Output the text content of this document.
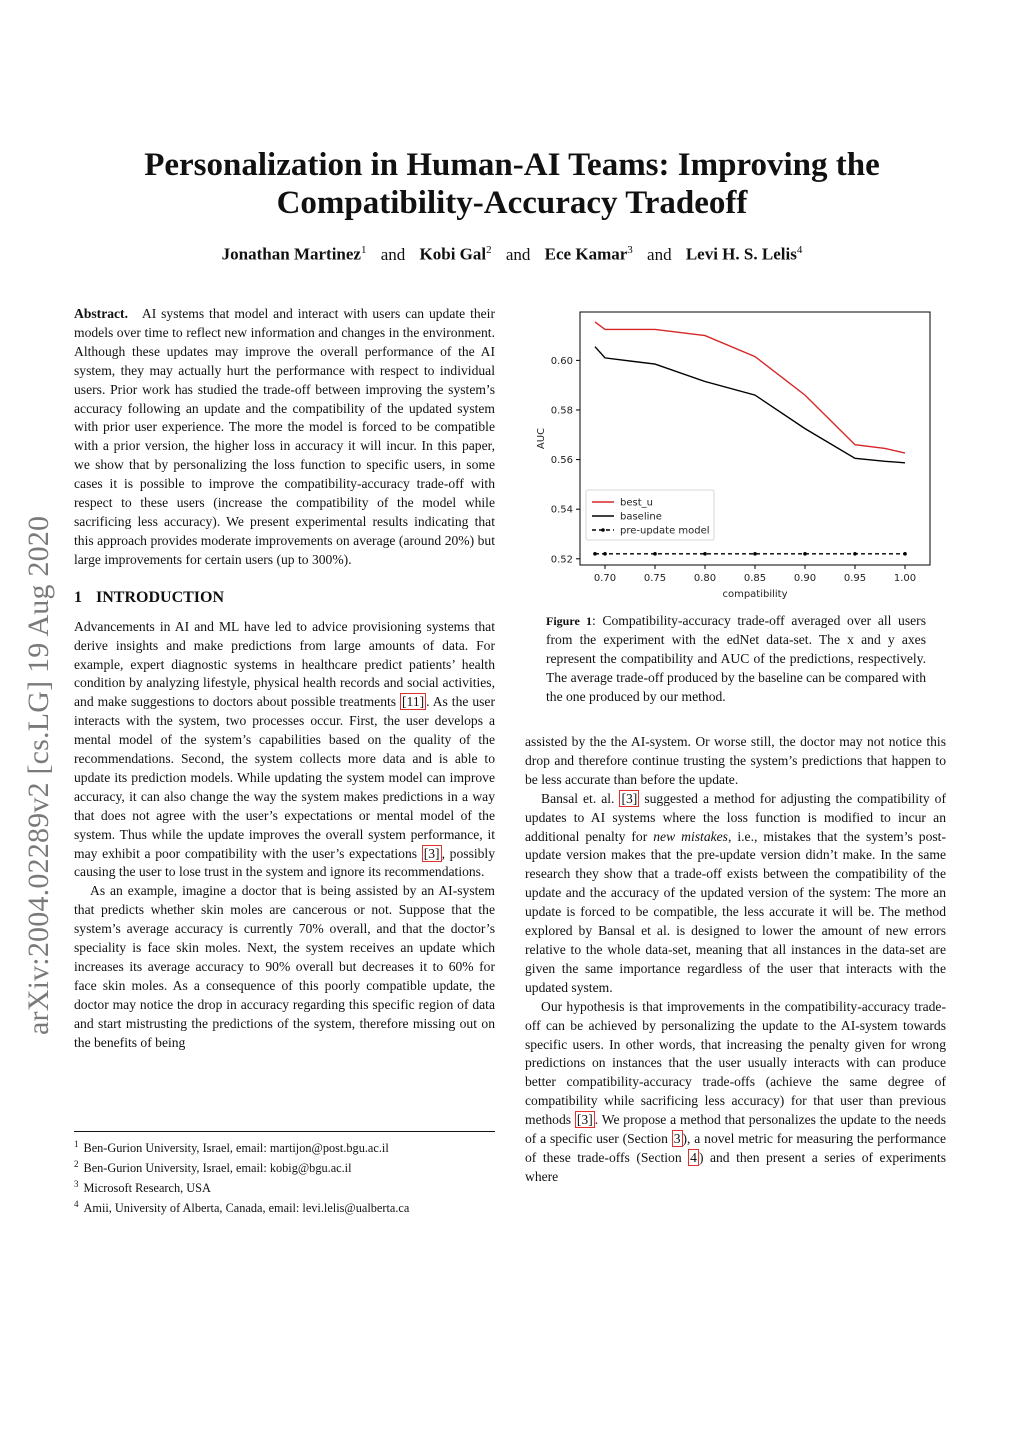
arXiv:2004.02289v2 [cs.LG] 19 Aug 2020
Personalization in Human-AI Teams: Improving the
Compatibility-Accuracy Tradeoff
Jonathan Martinez$^1$ and Kobi Gal$^2$ and Ece Kamar$^3$ and Levi H. S. Lelis$^4$

Abstract. AI systems that model and interact with users can update their models over time to reflect new information and changes in the environment. Although these updates may improve the overall performance of the AI system, they may actually hurt the performance with respect to individual users. Prior work has studied the trade-off between improving the system’s accuracy following an update and the compatibility of the updated system with prior user experience. The more the model is forced to be compatible with a prior version, the higher loss in accuracy it will incur. In this paper, we show that by personalizing the loss function to specific users, in some cases it is possible to improve the compatibility-accuracy trade-off with respect to these users (increase the compatibility of the model while sacrificing less accuracy). We present experimental results indicating that this approach provides moderate improvements on average (around 20%) but large improvements for certain users (up to 300%).

1 INTRODUCTION

Advancements in AI and ML have led to advice provisioning systems that derive insights and make predictions from large amounts of data. For example, expert diagnostic systems in healthcare predict patients’ health condition by analyzing lifestyle, physical health records and social activities, and make suggestions to doctors about possible treatments [11] . As the user interacts with the system, two processes occur. First, the user develops a mental model of the system’s capabilities based on the quality of the recommendations. Second, the system collects more data and is able to update its prediction models. While updating the system model can improve accuracy, it can also change the way the system makes predictions in a way that does not agree with the user’s expectations or mental model of the system. Thus while the update improves the overall system performance, it may exhibit a poor compatibility with the user’s expectations [3] , possibly causing the user to lose trust in the system and ignore its recommendations.

As an example, imagine a doctor that is being assisted by an AI-system that predicts whether skin moles are cancerous or not. Suppose that the system’s average accuracy is currently 70% overall, and that the doctor’s speciality is face skin moles. Next, the system receives an update which increases its average accuracy to 90% overall but decreases it to 60% for face skin moles. As a consequence of this poorly compatible update, the doctor may notice the drop in accuracy regarding this specific region of data and start mistrusting the predictions of the system, therefore missing out on the benefits of being

$^1$ Ben-Gurion University, Israel, email: martijon@post.bgu.ac.il
$^2$ Ben-Gurion University, Israel, email: kobig@bgu.ac.il
$^3$ Microsoft Research, USA
$^4$ Amii, University of Alberta, Canada, email: levi.lelis@ualberta.ca
0.70	0.75	0.80	0.85	0.90	0.95	1.00
0.52
0.54
0.56
0.58
0.60
compatibility
AUC
best_u
baseline
pre-update model
Figure 1: Compatibility-accuracy trade-off averaged over all users from the experiment with the edNet data-set. The x and y axes represent the compatibility and AUC of the predictions, respectively. The average trade-off produced by the baseline can be compared with the one produced by our method.

assisted by the the AI-system. Or worse still, the doctor may not notice this drop and therefore continue trusting the system’s predictions that happen to be less accurate than before the update.

Bansal et. al. [3] suggested a method for adjusting the compatibility of updates to AI systems where the loss function is modified to incur an additional penalty for new mistakes, i.e., mistakes that the system’s post-update version makes that the pre-update version didn’t make. In the same research they show that a trade-off exists between the compatibility of the update and the accuracy of the updated version of the system: The more an update is forced to be compatible, the less accurate it will be. The method explored by Bansal et al. is designed to lower the amount of new errors relative to the whole data-set, meaning that all instances in the data-set are given the same importance regardless of the user that interacts with the updated system.

Our hypothesis is that improvements in the compatibility-accuracy trade-off can be achieved by personalizing the update to the AI-system towards specific users. In other words, that increasing the penalty given for wrong predictions on instances that the user usually interacts with can produce better compatibility-accuracy trade-offs (achieve the same degree of compatibility while sacrificing less accuracy) for that user than previous methods [3] . We propose a method that personalizes the update to the needs of a specific user (Section 3 ), a novel metric for measuring the performance of these trade-offs (Section 4 ) and then present a series of experiments where
